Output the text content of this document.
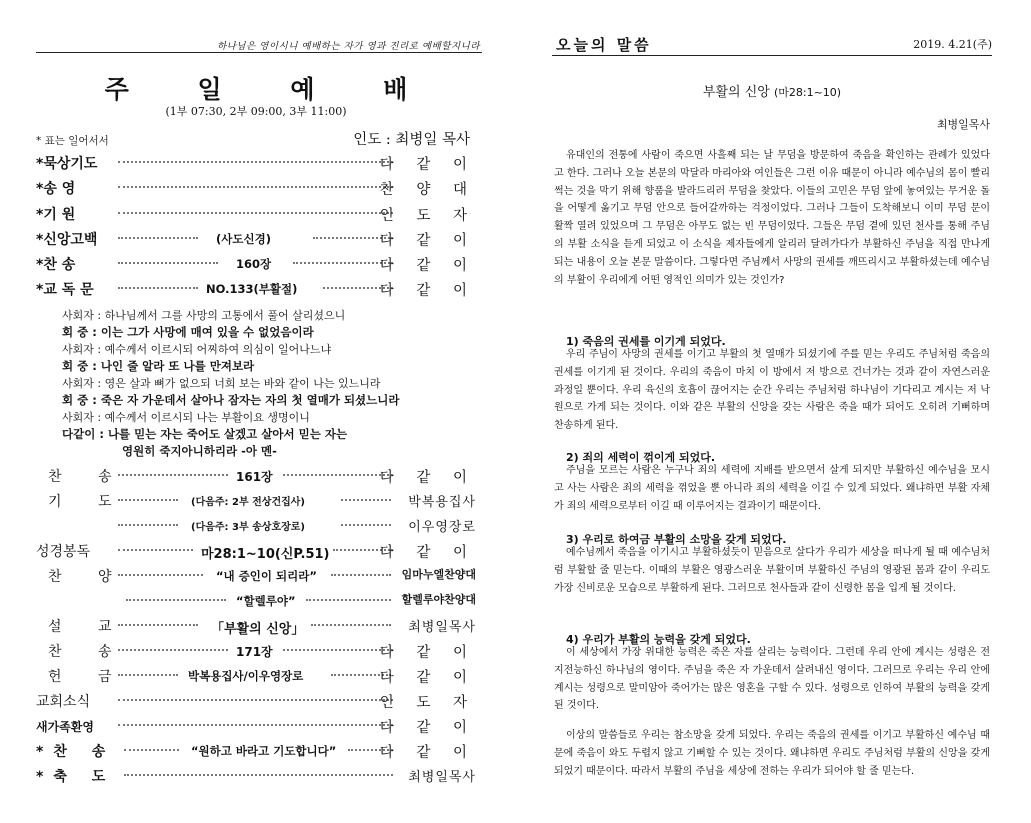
하나님은 영이시니 예배하는 자가 영과 진리로 예배할지니라
주 일 예 배
(1부 07:30, 2부 09:00, 3부 11:00)
* 표는 일어서서	인도 : 최병일 목사
*묵상기도	다 같 이
*송 영	찬 양 대
*기 원	인 도 자
*신앙고백	(사도신경)	다 같 이
*찬 송	160장	다 같 이
*교 독 문	NO.133(부활절)	다 같 이
사회자 : 하나님께서 그를 사망의 고통에서 풀어 살리셨으니
회 중 : 이는 그가 사망에 매여 있을 수 없었음이라
사회자 : 예수께서 이르시되 어찌하여 의심이 일어나느냐
회 중 : 나인 줄 알라 또 나를 만져보라
사회자 : 영은 살과 뼈가 없으되 너희 보는 바와 같이 나는 있느니라
회 중 : 죽은 자 가운데서 살아나 잠자는 자의 첫 열매가 되셨느니라
사회자 : 예수께서 이르시되 나는 부활이요 생명이니
다같이 : 나를 믿는 자는 죽어도 살겠고 살아서 믿는 자는
영원히 죽지아니하리라 -아 멘-
찬 송	161장	다 같 이
기 도	(다음주: 2부 전상건집사)	박복용집사
(다음주: 3부 송상호장로)	이우영장로
성경봉독	마28:1~10(신P.51)	다 같 이
찬 양	“내 증인이 되리라”	임마누엘찬양대
“할렐루야”	할렐루야찬양대
설 교	「부활의 신앙」	최병일목사
찬 송	171장	다 같 이
헌 금	박복용집사/이우영장로	다 같 이
교회소식	인 도 자
새가족환영	다 같 이
*찬 송	“원하고 바라고 기도합니다”	다 같 이
*축 도	최병일목사
오늘의 말씀	2019. 4.21(주)
부활의 신앙 (마28:1~10)
최병일목사
유대인의 전통에 사람이 죽으면 사흘째 되는 날 무덤을 방문하여 죽음을 확인하는 관례가 있었다고 한다. 그러나 오늘 본문의 막달라 마리아와 여인들은 그런 이유 때문이 아니라 예수님의 몸이 빨리 썩는 것을 막기 위해 향품을 발라드리러 무덤을 찾았다. 이들의 고민은 무덤 앞에 놓여있는 무거운 돌을 어떻게 옮기고 무덤 안으로 들어갈까하는 걱정이었다. 그러나 그들이 도착해보니 이미 무덤 문이 활짝 열려 있었으며 그 무덤은 아무도 없는 빈 무덤이었다. 그들은 무덤 곁에 있던 천사를 통해 주님의 부활 소식을 듣게 되었고 이 소식을 제자들에게 알리러 달려가다가 부활하신 주님을 직접 만나게 되는 내용이 오늘 본문 말씀이다. 그렇다면 주님께서 사망의 권세를 깨뜨리시고 부활하셨는데 예수님의 부활이 우리에게 어떤 영적인 의미가 있는 것인가?
1) 죽음의 권세를 이기게 되었다.
우리 주님이 사망의 권세를 이기고 부활의 첫 열매가 되셨기에 주를 믿는 우리도 주님처럼 죽음의 권세를 이기게 된 것이다. 우리의 죽음이 마치 이 방에서 저 방으로 건너가는 것과 같이 자연스러운 과정일 뿐이다. 우리 육신의 호흡이 끊어지는 순간 우리는 주님처럼 하나님이 기다리고 계시는 저 낙원으로 가게 되는 것이다. 이와 같은 부활의 신앙을 갖는 사람은 죽을 때가 되어도 오히려 기뻐하며 찬송하게 된다.
2) 죄의 세력이 꺾이게 되었다.
주님을 모르는 사람은 누구나 죄의 세력에 지배를 받으면서 살게 되지만 부활하신 예수님을 모시고 사는 사람은 죄의 세력을 꺾었을 뿐 아니라 죄의 세력을 이길 수 있게 되었다. 왜냐하면 부활 자체가 죄의 세력으로부터 이길 때 이루어지는 결과이기 때문이다.
3) 우리로 하여금 부활의 소망을 갖게 되었다.
예수님께서 죽음을 이기시고 부활하셨듯이 믿음으로 살다가 우리가 세상을 떠나게 될 때 예수님처럼 부활할 줄 믿는다. 이때의 부활은 영광스러운 부활이며 부활하신 주님의 영광된 몸과 같이 우리도 가장 신비로운 모습으로 부활하게 된다. 그러므로 천사들과 같이 신령한 몸을 입게 될 것이다.
4) 우리가 부활의 능력을 갖게 되었다.
이 세상에서 가장 위대한 능력은 죽은 자를 살리는 능력이다. 그런데 우리 안에 계시는 성령은 전지전능하신 하나님의 영이다. 주님을 죽은 자 가운데서 살려내신 영이다. 그러므로 우리는 우리 안에 계시는 성령으로 말미암아 죽어가는 많은 영혼을 구할 수 있다. 성령으로 인하여 부활의 능력을 갖게 된 것이다.
이상의 말씀들로 우리는 참소망을 갖게 되었다. 우리는 죽음의 권세를 이기고 부활하신 예수님 때문에 죽음이 와도 두렵지 않고 기뻐할 수 있는 것이다. 왜냐하면 우리도 주님처럼 부활의 신앙을 갖게 되었기 때문이다. 따라서 부활의 주님을 세상에 전하는 우리가 되어야 할 줄 믿는다.
